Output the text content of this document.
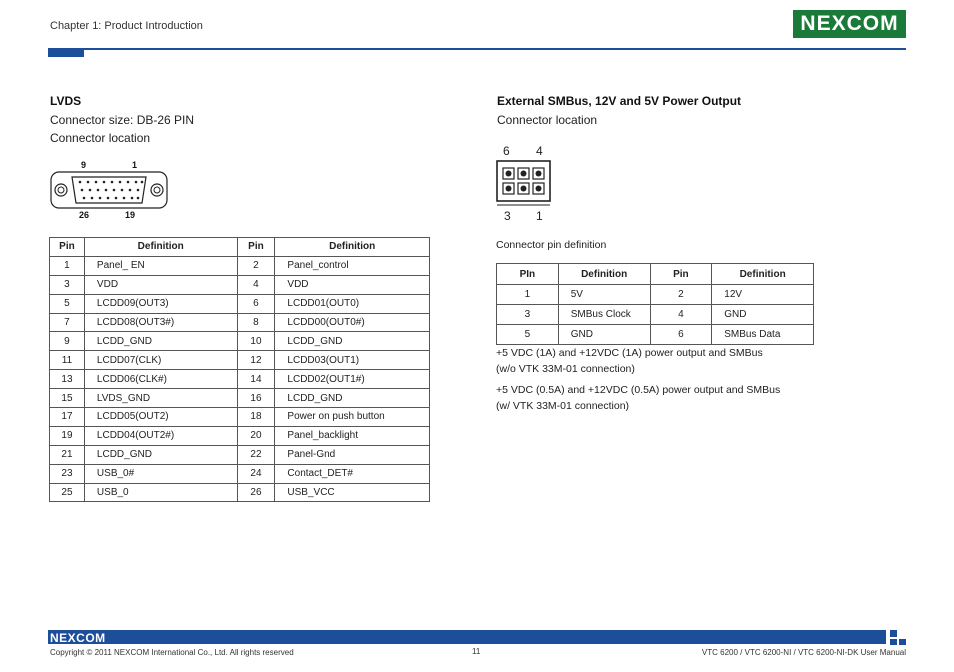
Chapter 1: Product Introduction	NEXCOM
LVDS
Connector size: DB-26 PIN
Connector location
9	1
26	19
Pin	Definition	Pin	Definition
1	Panel_ EN	2	Panel_control
3	VDD	4	VDD
5	LCDD09(OUT3)	6	LCDD01(OUT0)
7	LCDD08(OUT3#)	8	LCDD00(OUT0#)
9	LCDD_GND	10	LCDD_GND
11	LCDD07(CLK)	12	LCDD03(OUT1)
13	LCDD06(CLK#)	14	LCDD02(OUT1#)
15	LVDS_GND	16	LCDD_GND
17	LCDD05(OUT2)	18	Power on push button
19	LCDD04(OUT2#)	20	Panel_backlight
21	LCDD_GND	22	Panel-Gnd
23	USB_0#	24	Contact_DET#
25	USB_0	26	USB_VCC
External SMBus, 12V and 5V Power Output
Connector location
6 4
3 1
Connector pin definition
PIn	Definition	Pin	Definition
1	5V	2	12V
3	SMBus Clock	4	GND
5	GND	6	SMBus Data
+5 VDC (1A) and +12VDC (1A) power output and SMBus
(w/o VTK 33M-01 connection)
+5 VDC (0.5A) and +12VDC (0.5A) power output and SMBus
(w/ VTK 33M-01 connection)
NEXCOM
Copyright © 2011 NEXCOM International Co., Ltd. All rights reserved	11	VTC 6200 / VTC 6200-NI / VTC 6200-NI-DK User Manual
